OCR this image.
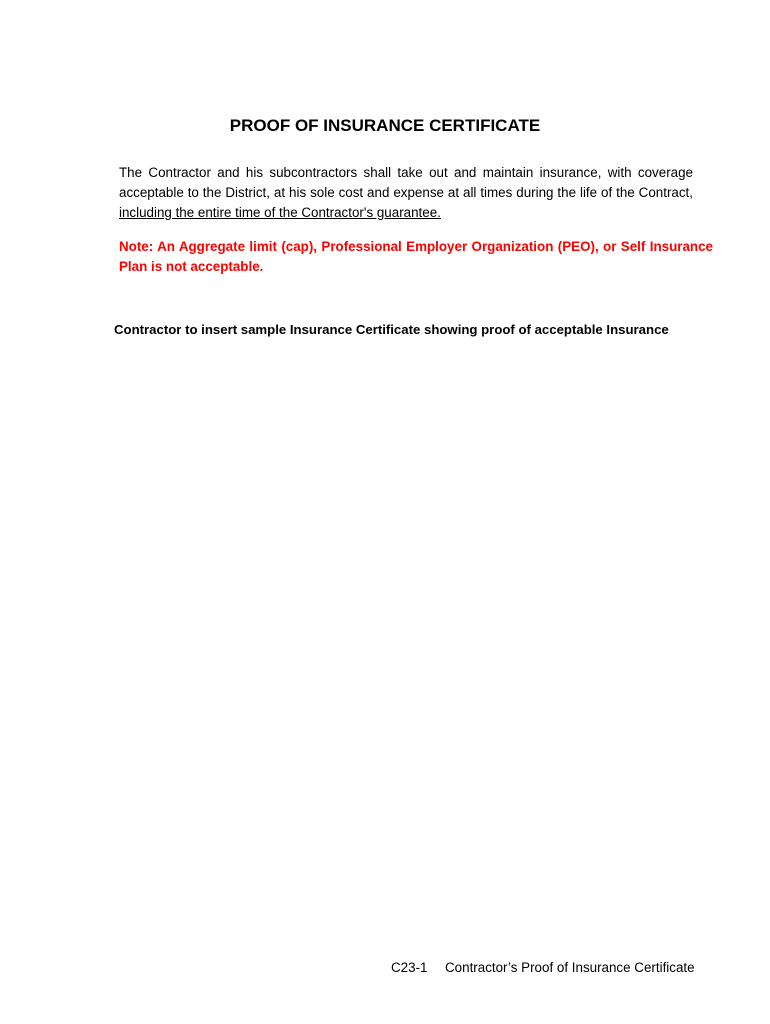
PROOF OF INSURANCE CERTIFICATE
The Contractor and his subcontractors shall take out and maintain insurance, with coverage acceptable to the District, at his sole cost and expense at all times during the life of the Contract, including the entire time of the Contractor's guarantee.
Note: An Aggregate limit (cap), Professional Employer Organization (PEO), or Self Insurance Plan is not acceptable.
Contractor to insert sample Insurance Certificate showing proof of acceptable Insurance
C23-1 Contractor’s Proof of Insurance Certificate
